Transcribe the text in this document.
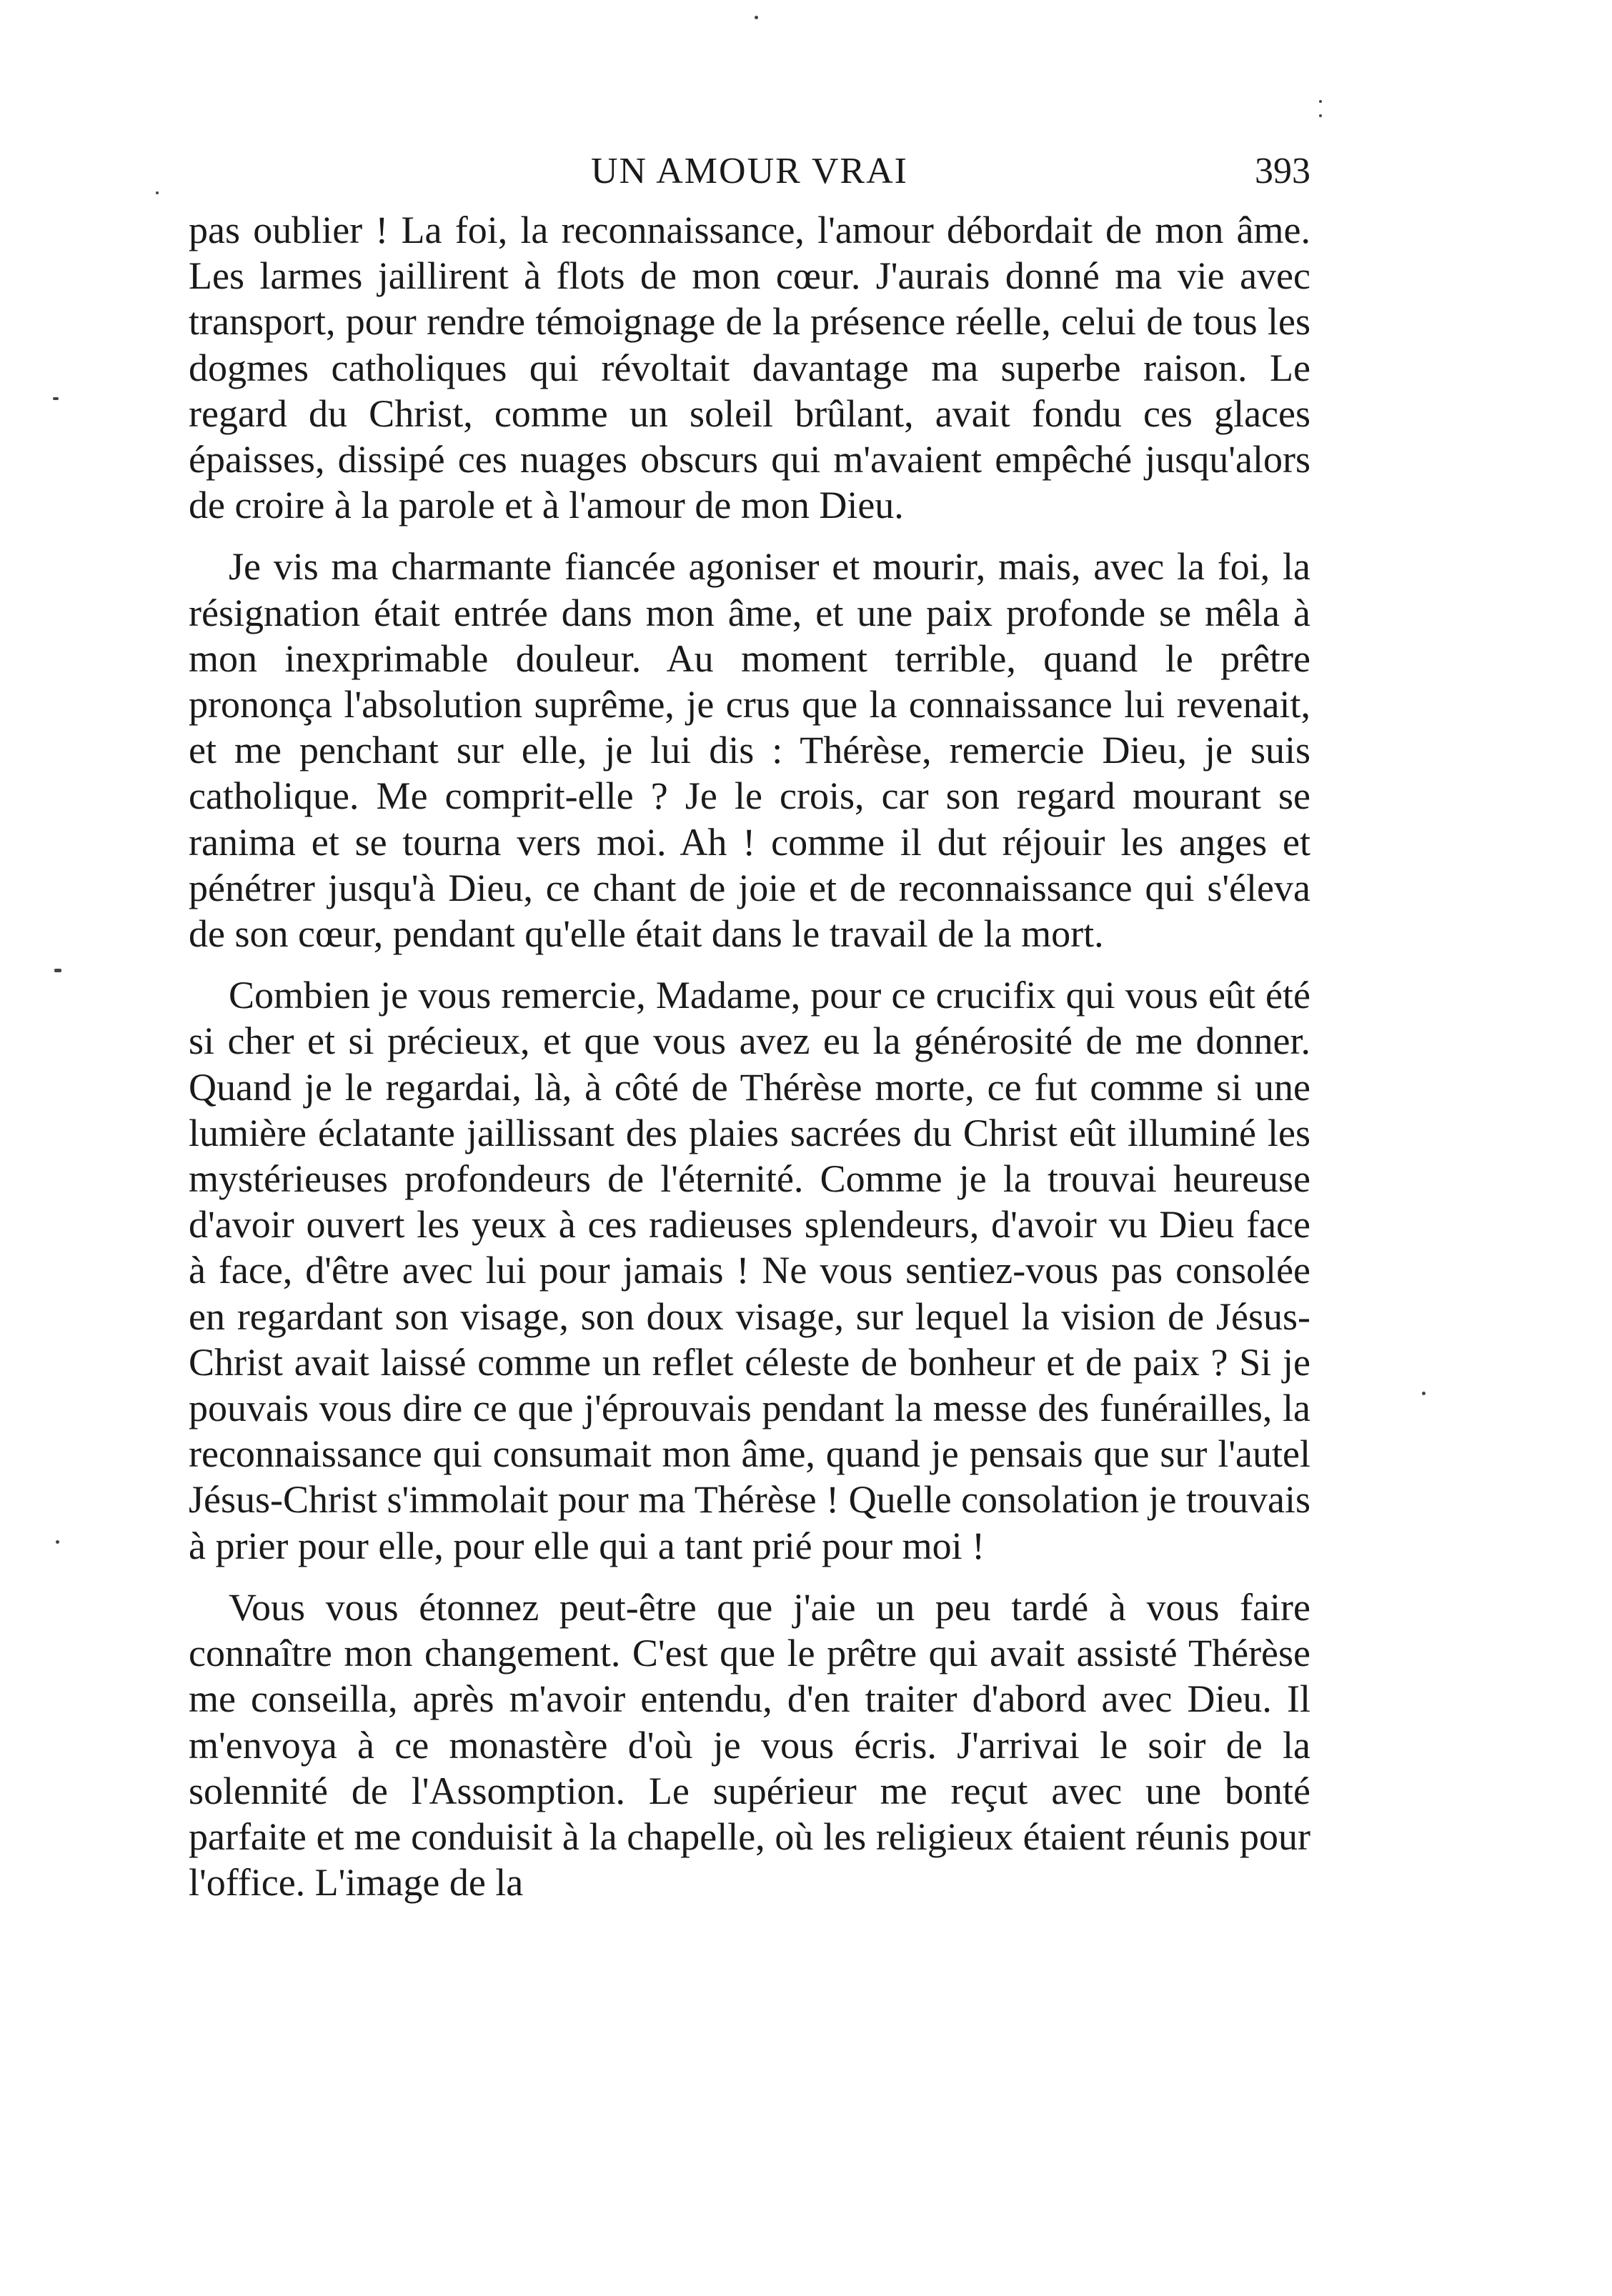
UN AMOUR VRAI	393

pas oublier ! La foi, la reconnaissance, l'amour débordait de mon âme. Les larmes jaillirent à flots de mon cœur. J'aurais donné ma vie avec transport, pour rendre témoignage de la présence réelle, celui de tous les dogmes catholiques qui révoltait davantage ma superbe raison. Le regard du Christ, comme un soleil brûlant, avait fondu ces glaces épaisses, dissipé ces nuages obscurs qui m'avaient empêché jusqu'alors de croire à la parole et à l'amour de mon Dieu.

Je vis ma charmante fiancée agoniser et mourir, mais, avec la foi, la résignation était entrée dans mon âme, et une paix profonde se mêla à mon inexprimable douleur. Au moment terrible, quand le prêtre prononça l'absolution suprême, je crus que la connaissance lui revenait, et me penchant sur elle, je lui dis : Thérèse, remercie Dieu, je suis catholique. Me comprit-elle ? Je le crois, car son regard mourant se ranima et se tourna vers moi. Ah ! comme il dut réjouir les anges et pénétrer jusqu'à Dieu, ce chant de joie et de reconnaissance qui s'éleva de son cœur, pendant qu'elle était dans le travail de la mort.

Combien je vous remercie, Madame, pour ce crucifix qui vous eût été si cher et si précieux, et que vous avez eu la générosité de me donner. Quand je le regardai, là, à côté de Thérèse morte, ce fut comme si une lumière éclatante jaillissant des plaies sacrées du Christ eût illuminé les mystérieuses profondeurs de l'éternité. Comme je la trouvai heureuse d'avoir ouvert les yeux à ces radieuses splendeurs, d'avoir vu Dieu face à face, d'être avec lui pour jamais ! Ne vous sentiez-vous pas consolée en regardant son visage, son doux visage, sur lequel la vision de Jésus-Christ avait laissé comme un reflet céleste de bonheur et de paix ? Si je pouvais vous dire ce que j'éprouvais pendant la messe des funérailles, la reconnaissance qui consumait mon âme, quand je pensais que sur l'autel Jésus-Christ s'immolait pour ma Thérèse ! Quelle consolation je trouvais à prier pour elle, pour elle qui a tant prié pour moi !

Vous vous étonnez peut-être que j'aie un peu tardé à vous faire connaître mon changement. C'est que le prêtre qui avait assisté Thérèse me conseilla, après m'avoir entendu, d'en traiter d'abord avec Dieu. Il m'envoya à ce monastère d'où je vous écris. J'arrivai le soir de la solennité de l'Assomption. Le supérieur me reçut avec une bonté parfaite et me conduisit à la chapelle, où les religieux étaient réunis pour l'office. L'image de la
